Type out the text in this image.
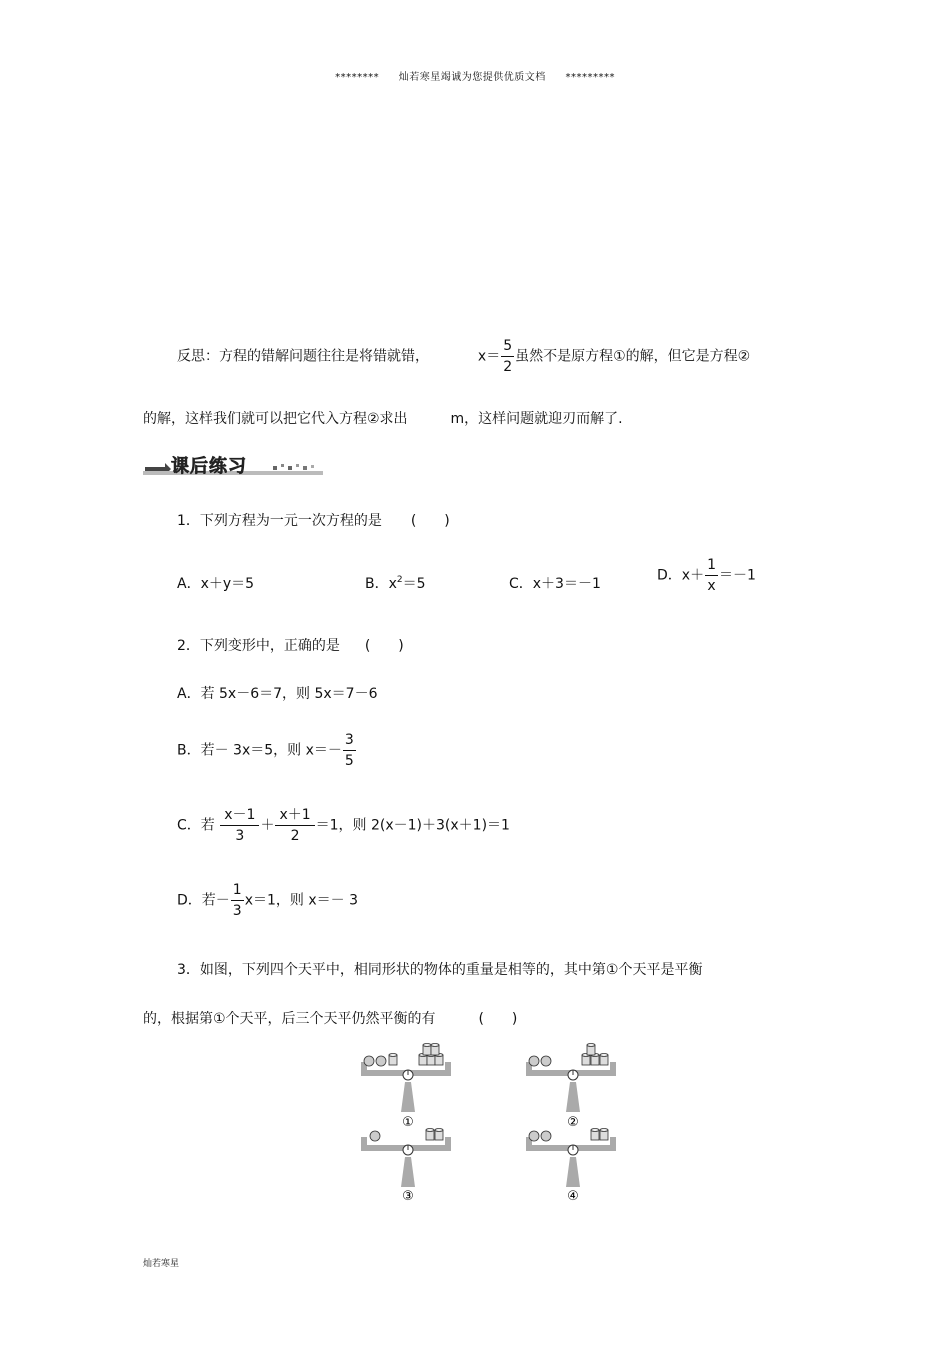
******** 灿若寒星竭诚为您提供优质文档 *********
反思：方程的错解问题往往是将错就错，	$x= \frac{5}{2}$ 虽然不是原方程①的解，但它是方程②
的解，这样我们就可以把它代入方程②求出	m，这样问题就迎刃而解了.
课后练习
1．下列方程为一元一次方程的是 (　　)
A．x＋y＝5	B．$x^2=5$	C．x＋3＝－1
D．$x+ \frac{1}{x} =-1$
2．下列变形中，正确的是 (　　)
A．若 5x－6＝7，则 5x＝7－6
B．若－ 3x＝5，则 $x=- \frac{3}{5}$
C．若 $\frac{x-1}{3} + \frac{x+1}{2} =1$，则 2(x－1)＋3(x＋1)＝1
D．若－ $\frac{1}{3} x=1$，则 x＝－ 3
3．如图，下列四个天平中，相同形状的物体的重量是相等的，其中第①个天平是平衡
的，根据第①个天平，后三个天平仍然平衡的有	(　　)
①	②
③	④
灿若寒星
